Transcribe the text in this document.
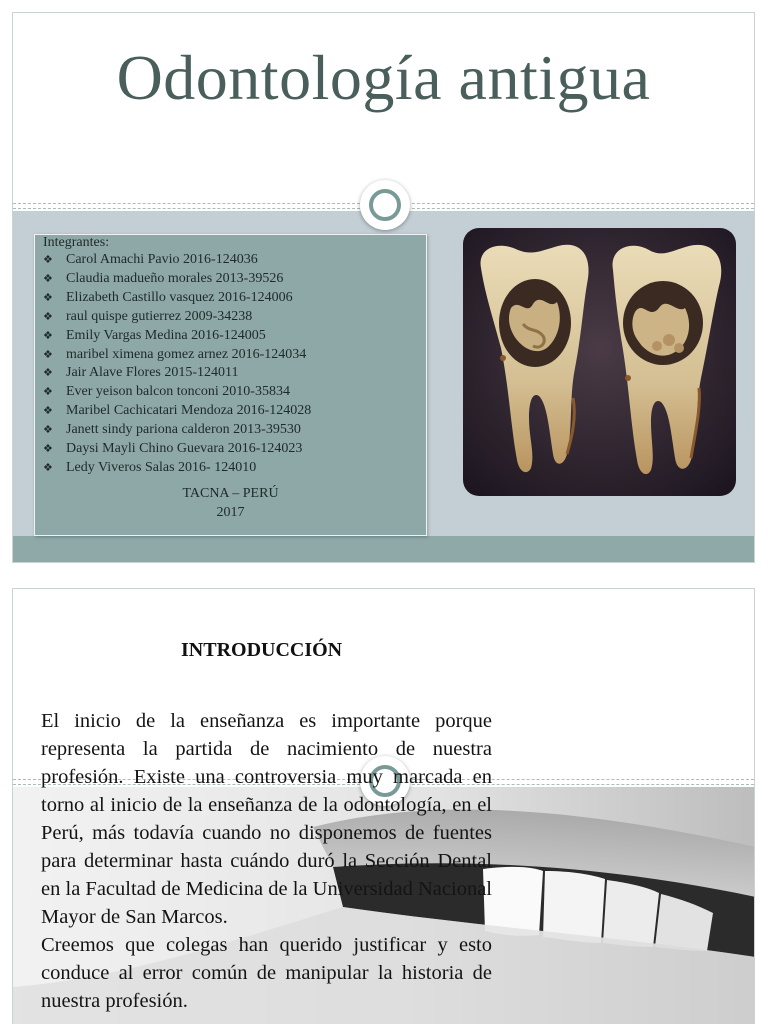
Odontología antigua
Integrantes:
❖ Carol Amachi Pavio 2016-124036
❖ Claudia madueño morales 2013-39526
❖ Elizabeth Castillo vasquez 2016-124006
❖ raul quispe gutierrez 2009-34238
❖ Emily Vargas Medina 2016-124005
❖ maribel ximena gomez arnez 2016-124034
❖ Jair Alave Flores 2015-124011
❖ Ever yeison balcon tonconi 2010-35834
❖ Maribel Cachicatari Mendoza 2016-124028
❖ Janett sindy pariona calderon 2013-39530
❖ Daysi Mayli Chino Guevara 2016-124023
❖ Ledy Viveros Salas 2016- 124010
TACNA – PERÚ
2017
INTRODUCCIÓN

El inicio de la enseñanza es importante porque representa la partida de nacimiento de nuestra profesión. Existe una controversia muy marcada en torno al inicio de la enseñanza de la odontología, en el Perú, más todavía cuando no disponemos de fuentes para determinar hasta cuándo duró la Sección Dental en la Facultad de Medicina de la Universidad Nacional Mayor de San Marcos.

Creemos que colegas han querido justificar y esto conduce al error común de manipular la historia de nuestra profesión.
